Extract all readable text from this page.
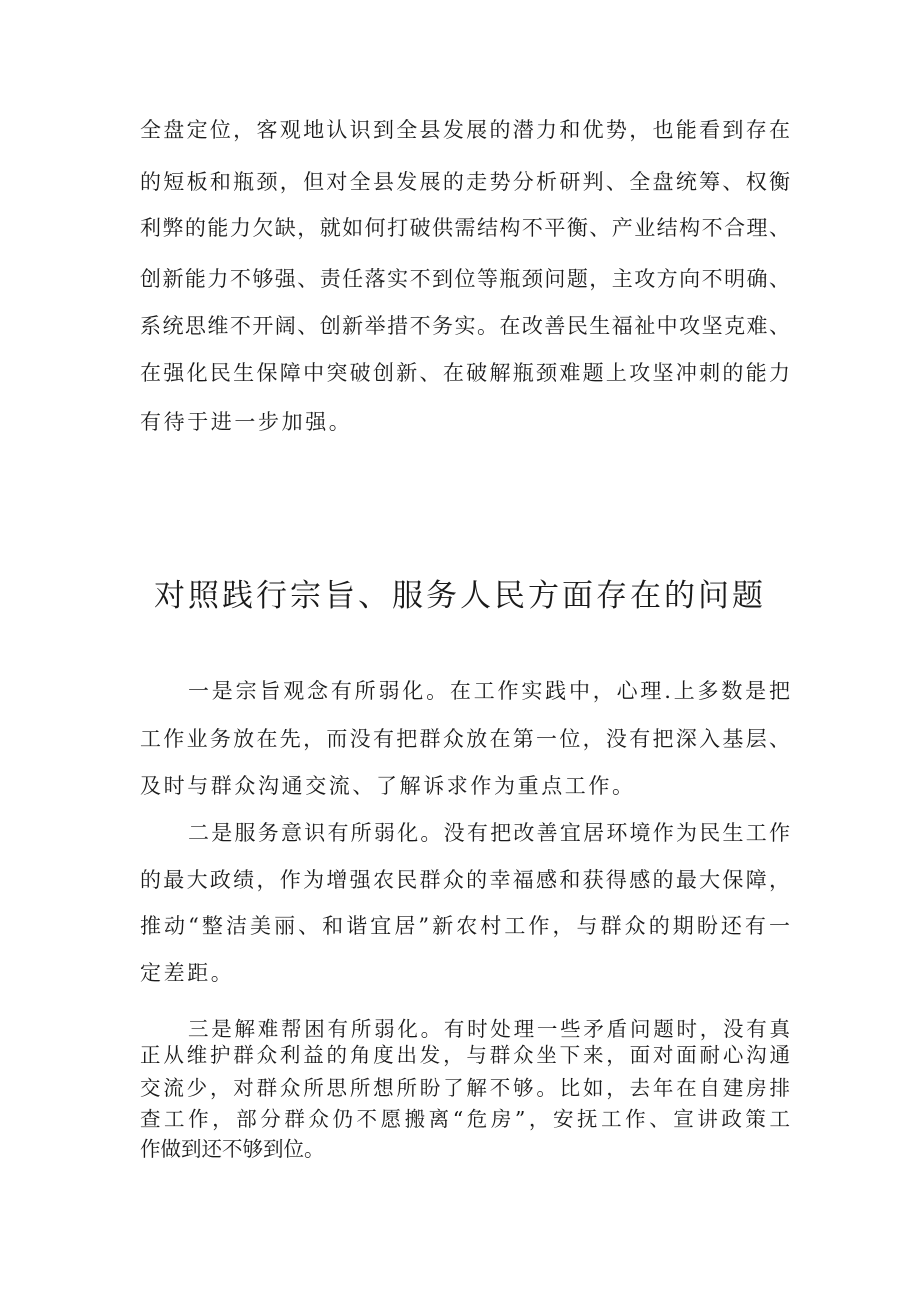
全盘定位，客观地认识到全县发展的潜力和优势，也能看到存在
的短板和瓶颈，但对全县发展的走势分析研判、全盘统筹、权衡
利弊的能力欠缺，就如何打破供需结构不平衡、产业结构不合理、
创新能力不够强、责任落实不到位等瓶颈问题，主攻方向不明确、
系统思维不开阔、创新举措不务实。在改善民生福祉中攻坚克难、
在强化民生保障中突破创新、在破解瓶颈难题上攻坚冲刺的能力
有待于进一步加强。
对照践行宗旨、服务人民方面存在的问题
一是宗旨观念有所弱化。在工作实践中，心理.上多数是把
工作业务放在先，而没有把群众放在第一位，没有把深入基层、
及时与群众沟通交流、了解诉求作为重点工作。
二是服务意识有所弱化。没有把改善宜居环境作为民生工作
的最大政绩，作为增强农民群众的幸福感和获得感的最大保障，
推动“整洁美丽、和谐宜居”新农村工作，与群众的期盼还有一
定差距。
三是解难帮困有所弱化。有时处理一些矛盾问题时，没有真
正从维护群众利益的角度出发，与群众坐下来，面对面耐心沟通
交流少，对群众所思所想所盼了解不够。比如，去年在自建房排
查工作，部分群众仍不愿搬离“危房”，安抚工作、宣讲政策工
作做到还不够到位。
